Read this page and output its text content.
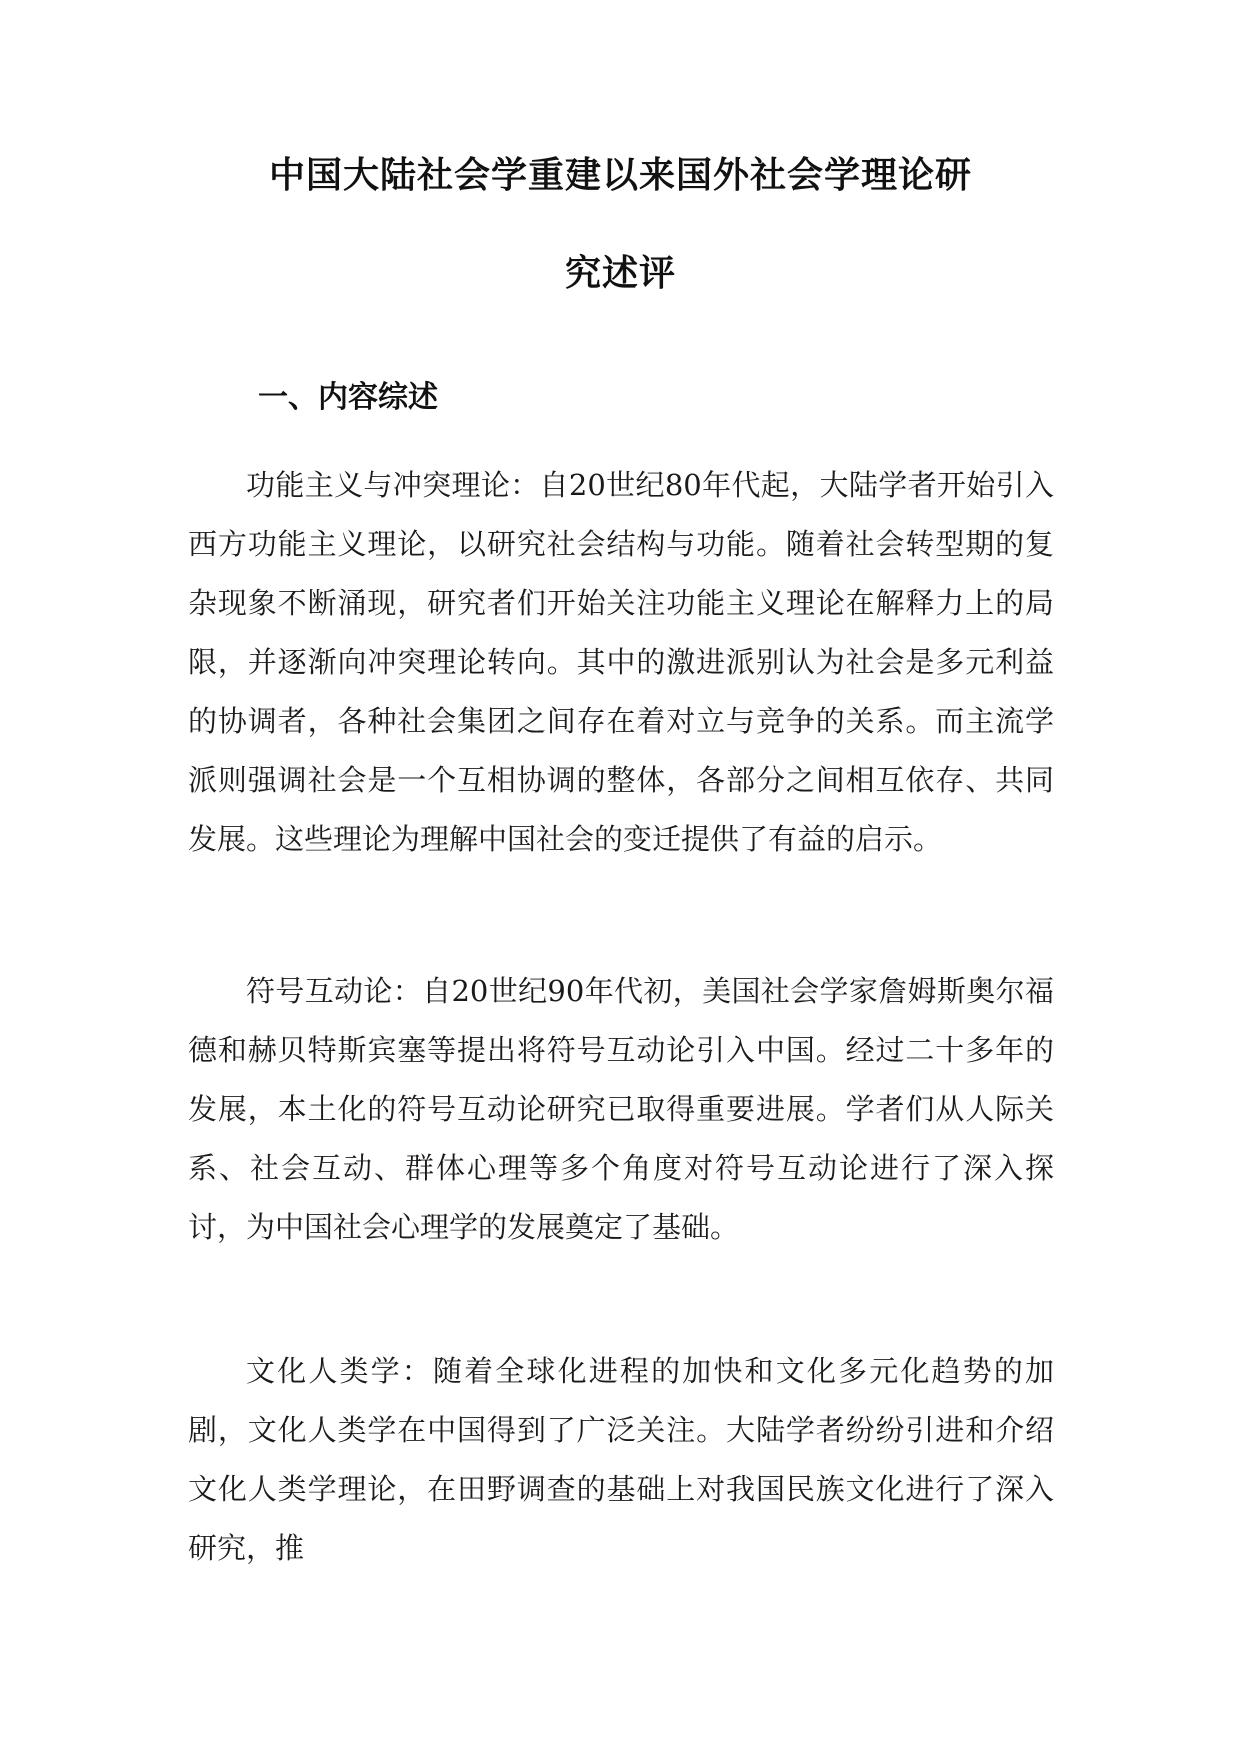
中国大陆社会学重建以来国外社会学理论研
究述评
一、内容综述

功能主义与冲突理论：自20世纪80年代起，大陆学者开始引入西方功能主义理论，以研究社会结构与功能。随着社会转型期的复杂现象不断涌现，研究者们开始关注功能主义理论在解释力上的局限，并逐渐向冲突理论转向。其中的激进派别认为社会是多元利益的协调者，各种社会集团之间存在着对立与竞争的关系。而主流学派则强调社会是一个互相协调的整体，各部分之间相互依存、共同发展。这些理论为理解中国社会的变迁提供了有益的启示。

符号互动论：自20世纪90年代初，美国社会学家詹姆斯奥尔福德和赫贝特斯宾塞等提出将符号互动论引入中国。经过二十多年的发展，本土化的符号互动论研究已取得重要进展。学者们从人际关系、社会互动、群体心理等多个角度对符号互动论进行了深入探讨，为中国社会心理学的发展奠定了基础。

文化人类学：随着全球化进程的加快和文化多元化趋势的加剧，文化人类学在中国得到了广泛关注。大陆学者纷纷引进和介绍文化人类学理论，在田野调查的基础上对我国民族文化进行了深入研究，推
